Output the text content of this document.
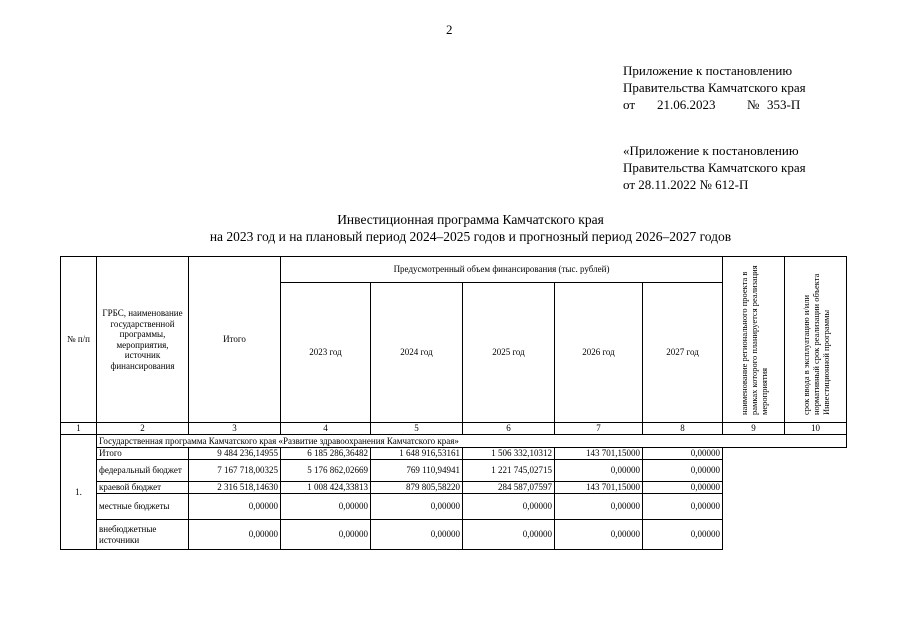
2
Приложение к постановлению
Правительства Камчатского края
от 21.06.2023 № 353-П
«Приложение к постановлению
Правительства Камчатского края
от 28.11.2022 № 612-П
Инвестиционная программа Камчатского края
на 2023 год и на плановый период 2024–2025 годов и прогнозный период 2026–2027 годов
№ п/п	ГРБС, наименование государственной программы, мероприятия, источник финансирования	Итого	Предусмотренный объем финансирования (тыс. рублей)					наименование регионального проекта в рамках которого планируется реализация мероприятия	срок ввода в эксплуатацию и/или нормативный срок реализации объекта Инвестиционной программы

			2023 год	2024 год	2025 год	2026 год	2027 год		
1	2	3	4	5	6	7	8	9	10
1.	Государственная программа Камчатского края «Развитие здравоохранения Камчатского края»								
	Итого	9 484 236,14955	6 185 286,36482	1 648 916,53161	1 506 332,10312	143 701,15000	0,00000		
	федеральный бюджет	7 167 718,00325	5 176 862,02669	769 110,94941	1 221 745,02715	0,00000	0,00000		
	краевой бюджет	2 316 518,14630	1 008 424,33813	879 805,58220	284 587,07597	143 701,15000	0,00000		
	местные бюджеты	0,00000	0,00000	0,00000	0,00000	0,00000	0,00000		
	внебюджетные источники	0,00000	0,00000	0,00000	0,00000	0,00000	0,00000		
